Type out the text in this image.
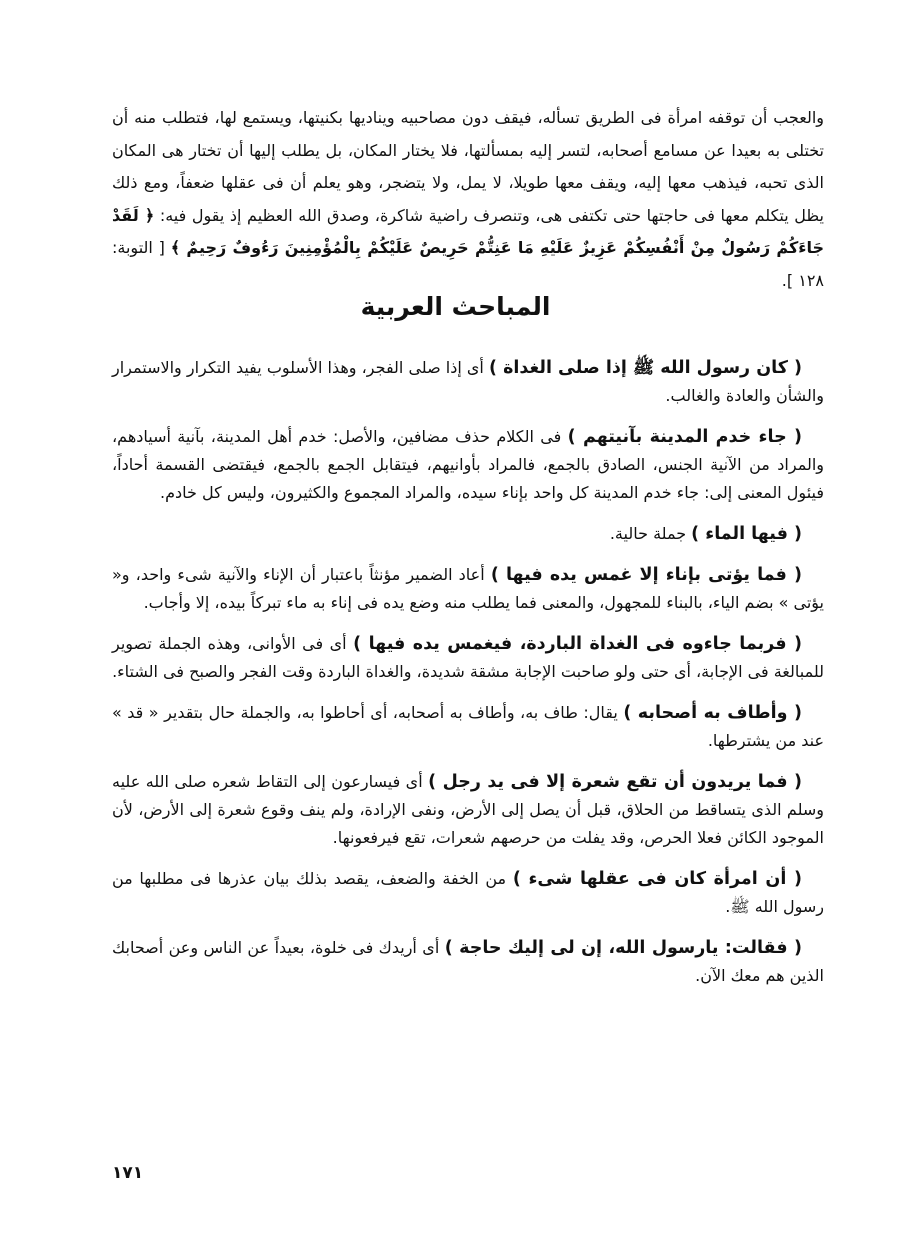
والعجب أن توقفه امرأة فى الطريق تسأله، فيقف دون مصاحبيه ويناديها بكنيتها، ويستمع لها، فتطلب منه أن تختلى به بعيدا عن مسامع أصحابه، لتسر إليه بمسألتها، فلا يختار المكان، بل يطلب إليها أن تختار هى المكان الذى تحبه، فيذهب معها إليه، ويقف معها طويلا، لا يمل، ولا يتضجر، وهو يعلم أن فى عقلها ضعفاً، ومع ذلك يظل يتكلم معها فى حاجتها حتى تكتفى هى، وتنصرف راضية شاكرة، وصدق الله العظيم إذ يقول فيه: ﴿ لَقَدْ جَاءَكُمْ رَسُولٌ مِنْ أَنْفُسِكُمْ عَزِيزٌ عَلَيْهِ مَا عَنِتُّمْ حَرِيصٌ عَلَيْكُمْ بِالْمُؤْمِنِينَ رَءُوفٌ رَحِيمٌ ﴾ [ التوبة: ١٢٨ ].

المباحث العربية

( كان رسول الله ﷺ إذا صلى الغداة ) أى إذا صلى الفجر، وهذا الأسلوب يفيد التكرار والاستمرار والشأن والعادة والغالب.

( جاء خدم المدينة بآنيتهم ) فى الكلام حذف مضافين، والأصل: خدم أهل المدينة، بآنية أسيادهم، والمراد من الآنية الجنس، الصادق بالجمع، فالمراد بأوانيهم، فيتقابل الجمع بالجمع، فيقتضى القسمة أحاداً، فيئول المعنى إلى: جاء خدم المدينة كل واحد بإناء سيده، والمراد المجموع والكثيرون، وليس كل خادم.

( فيها الماء ) جملة حالية.

( فما يؤتى بإناء إلا غمس يده فيها ) أعاد الضمير مؤنثاً باعتبار أن الإناء والآنية شىء واحد، و« يؤتى » بضم الياء، بالبناء للمجهول، والمعنى فما يطلب منه وضع يده فى إناء به ماء تبركاً بيده، إلا وأجاب.

( فربما جاءوه فى الغداة الباردة، فيغمس يده فيها ) أى فى الأوانى، وهذه الجملة تصوير للمبالغة فى الإجابة، أى حتى ولو صاحبت الإجابة مشقة شديدة، والغداة الباردة وقت الفجر والصبح فى الشتاء.

( وأطاف به أصحابه ) يقال: طاف به، وأطاف به أصحابه، أى أحاطوا به، والجملة حال بتقدير « قد » عند من يشترطها.

( فما يريدون أن تقع شعرة إلا فى يد رجل ) أى فيسارعون إلى التقاط شعره صلى الله عليه وسلم الذى يتساقط من الحلاق، قبل أن يصل إلى الأرض، ونفى الإرادة، ولم ينف وقوع شعرة إلى الأرض، لأن الموجود الكائن فعلا الحرص، وقد يفلت من حرصهم شعرات، تقع فيرفعونها.

( أن امرأة كان فى عقلها شىء ) من الخفة والضعف، يقصد بذلك بيان عذرها فى مطلبها من رسول الله ﷺ.

( فقالت: يارسول الله، إن لى إليك حاجة ) أى أريدك فى خلوة، بعيداً عن الناس وعن أصحابك الذين هم معك الآن.

١٧١
